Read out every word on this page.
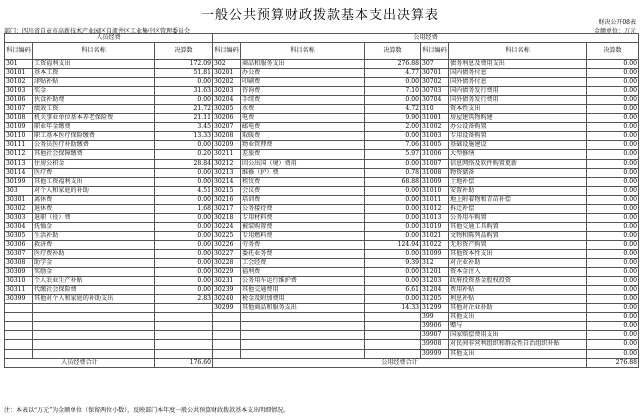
一般公共预算财政拨款基本支出决算表	财决公开08表
部门：四川省自贡市高新技术产业园区自流井区工业集中区管理委员会	金额单位：万元
人员经费			公用经费					
科目编码	科目名称	决算数	科目编码	科目名称	决算数	科目编码	科目名称	决算数
301	工资福利支出	172.09	302	商品和服务支出	276.88	307	债务利息及费用支出	0.00
30101	基本工资	51.81	30201	办公费	4.77	30701	国内债务付息	0.00
30102	津贴补贴	0.00	30202	印刷费	0.00	30702	国外债务付息	0.00
30103	奖金	31.63	30203	咨询费	7.10	30703	国内债务发行费用	0.00
30106	伙食补助费	0.00	30204	手续费	0.00	30704	国外债务发行费用	0.00
30107	绩效工资	21.72	30205	水费	4.72	310	资本性支出	0.00
30108	机关事业单位基本养老保险费	21.11	30206	电费	9.90	31001	房屋建筑物购建	0.00
30109	职业年金缴费	3.45	30207	邮电费	2.00	31002	办公设备购置	0.00
30110	职工基本医疗保险缴费	13.33	30208	取暖费	0.00	31003	专用设备购置	0.00
30111	公务员医疗补助缴费	0.00	30209	物业管理费	7.06	31005	基础设施建设	0.00
30112	其他社会保障缴费	0.20	30211	差旅费	5.97	31006	大型修缮	0.00
30113	住房公积金	28.84	30212	因公出国（境）费用	0.00	31007	信息网络及软件购置更新	0.00
30114	医疗费	0.00	30213	维修（护）费	0.78	31008	物资储备	0.00
30199	其他工资福利支出	0.00	30214	租赁费	68.88	31009	土地补偿	0.00
303	对个人和家庭的补助	4.51	30215	会议费	0.00	31010	安置补助	0.00
30301	离休费	0.00	30216	培训费	0.00	31011	地上附着物和青苗补偿	0.00
30302	退休费	1.68	30217	公务接待费	0.00	31012	拆迁补偿	0.00
30303	退职（役）费	0.00	30218	专用材料费	0.00	31013	公务用车购置	0.00
30304	抚恤金	0.00	30224	被装购置费	0.00	31019	其他交通工具购置	0.00
30305	生活补助	0.00	30225	专用燃料费	0.00	31021	文物和陈列品购置	0.00
30306	救济费	0.00	30226	劳务费	124.94	31022	无形资产购置	0.00
30307	医疗费补助	0.00	30227	委托业务费	0.00	31099	其他资本性支出	0.00
30308	助学金	0.00	30228	工会经费	9.39	312	对企业补助	0.00
30309	奖励金	0.00	30229	福利费	0.00	31201	资本金注入	0.00
30310	个人农业生产补贴	0.00	30231	公务用车运行维护费	0.00	31203	政府投资基金股权投资	0.00
30311	代缴社会保险费	0.00	30239	其他交通费用	6.61	31204	费用补贴	0.00
30399	其他对个人和家庭的补助支出	2.83	30240	税金及附加费用	0.00	31205	利息补贴	0.00
			30299	其他商品和服务支出	14.33	31299	其他对企业补助	0.00
						399	其他支出	0.00
						39906	赠与	0.00
						39907	国家赔偿费用支出	0.00
						39908	对民间非营利组织和群众性自治组织补贴	0.00
						39999	其他支出	0.00
人员经费合计		176.60	公用经费合计					276.88
注：本表以“万元”为金额单位（保留两位小数），反映部门本年度一般公共预算财政拨款基本支出明细情况。
